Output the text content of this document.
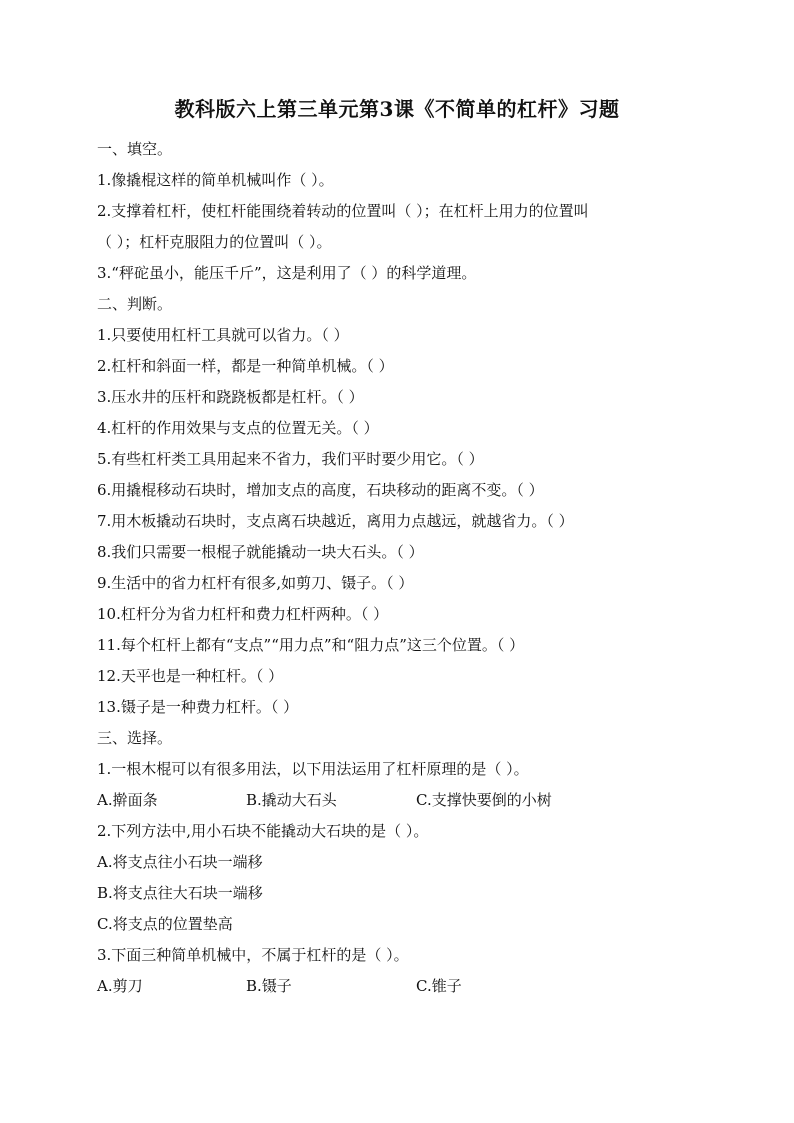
教科版六上第三单元第3课《不简单的杠杆》习题
一、填空。
1.像撬棍这样的简单机械叫作（ ）。
2.支撑着杠杆，使杠杆能围绕着转动的位置叫（ ）；在杠杆上用力的位置叫
（ ）；杠杆克服阻力的位置叫（ ）。
3.“秤砣虽小，能压千斤”，这是利用了（ ）的科学道理。
二、判断。
1.只要使用杠杆工具就可以省力。（ ）
2.杠杆和斜面一样，都是一种简单机械。（ ）
3.压水井的压杆和跷跷板都是杠杆。（ ）
4.杠杆的作用效果与支点的位置无关。（ ）
5.有些杠杆类工具用起来不省力，我们平时要少用它。（ ）
6.用撬棍移动石块时，增加支点的高度，石块移动的距离不变。（ ）
7.用木板撬动石块时，支点离石块越近，离用力点越远，就越省力。（ ）
8.我们只需要一根棍子就能撬动一块大石头。（ ）
9.生活中的省力杠杆有很多,如剪刀、镊子。（ ）
10.杠杆分为省力杠杆和费力杠杆两种。（ ）
11.每个杠杆上都有“支点”“用力点”和“阻力点”这三个位置。（ ）
12.天平也是一种杠杆。（ ）
13.镊子是一种费力杠杆。（ ）
三、选择。
1.一根木棍可以有很多用法，以下用法运用了杠杆原理的是（ ）。
A.擀面条	B.撬动大石头	C.支撑快要倒的小树
2.下列方法中,用小石块不能撬动大石块的是（ ）。
A.将支点往小石块一端移
B.将支点往大石块一端移
C.将支点的位置垫高
3.下面三种简单机械中，不属于杠杆的是（ ）。
A.剪刀	B.镊子	C.锥子
